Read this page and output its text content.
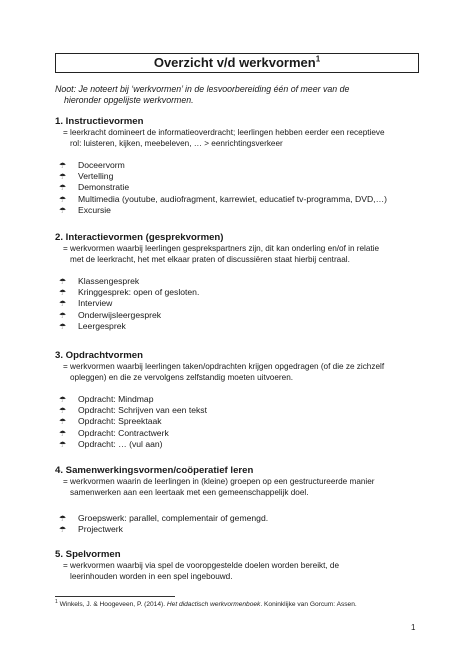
Overzicht v/d werkvormen$^1$
Noot: Je noteert bij ‘werkvormen’ in de lesvoorbereiding één of meer van de
hieronder opgelijste werkvormen.
1. Instructievormen
= leerkracht domineert de informatieoverdracht; leerlingen hebben eerder een receptieve
rol: luisteren, kijken, meebeleven, … > eenrichtingsverkeer
☂ Doceervorm
☂ Vertelling
☂ Demonstratie
☂ Multimedia (youtube, audiofragment, karrewiet, educatief tv-programma, DVD,…)
☂ Excursie
2. Interactievormen (gesprekvormen)
= werkvormen waarbij leerlingen gesprekspartners zijn, dit kan onderling en/of in relatie
met de leerkracht, het met elkaar praten of discussiëren staat hierbij centraal.
☂ Klassengesprek
☂ Kringgesprek: open of gesloten.
☂ Interview
☂ Onderwijsleergesprek
☂ Leergesprek
3. Opdrachtvormen
= werkvormen waarbij leerlingen taken/opdrachten krijgen opgedragen (of die ze zichzelf
opleggen) en die ze vervolgens zelfstandig moeten uitvoeren.
☂ Opdracht: Mindmap
☂ Opdracht: Schrijven van een tekst
☂ Opdracht: Spreektaak
☂ Opdracht: Contractwerk
☂ Opdracht: … (vul aan)
4. Samenwerkingsvormen/coöperatief leren
= werkvormen waarin de leerlingen in (kleine) groepen op een gestructureerde manier
samenwerken aan een leertaak met een gemeenschappelijk doel.
☂ Groepswerk: parallel, complementair of gemengd.
☂ Projectwerk
5. Spelvormen
= werkvormen waarbij via spel de vooropgestelde doelen worden bereikt, de
leerinhouden worden in een spel ingebouwd.
$^1$ Winkels, J. & Hoogeveen, P. (2014). Het didactisch werkvormenboek. Koninklijke van Gorcum: Assen.
1
